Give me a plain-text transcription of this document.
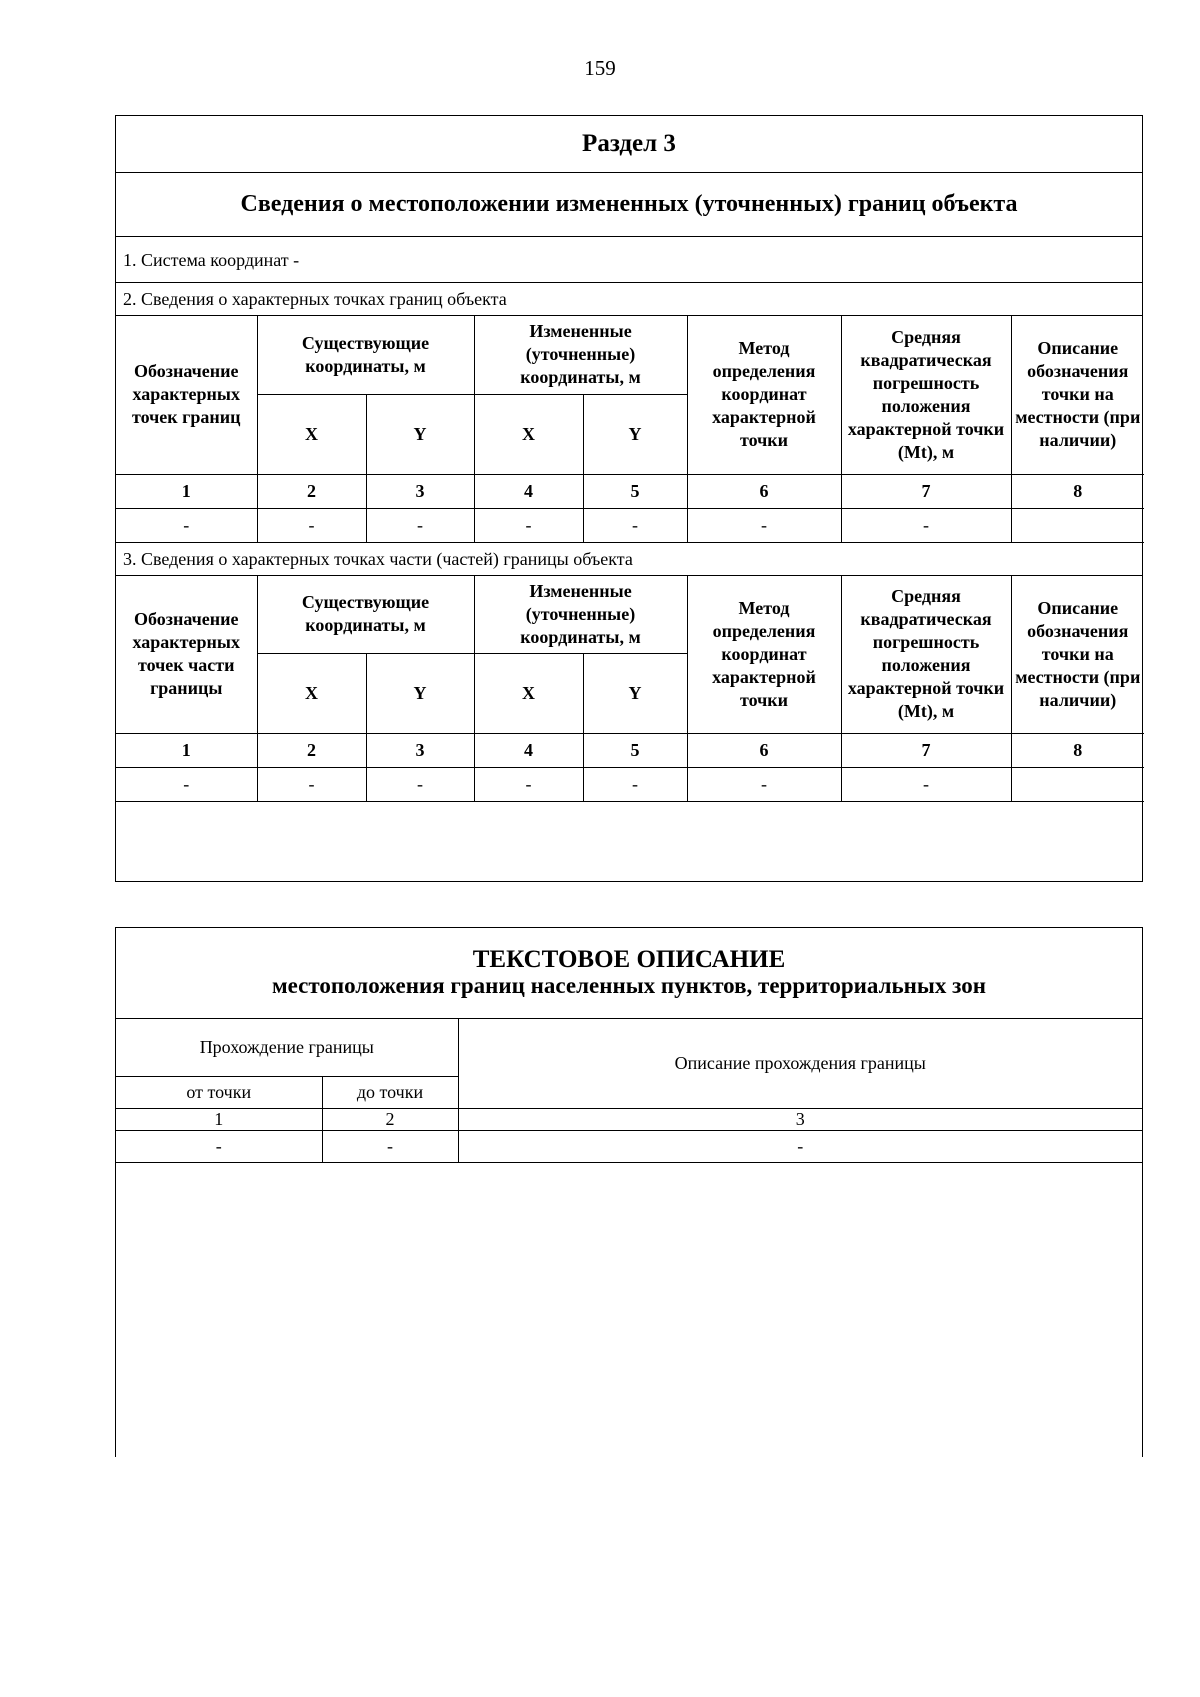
159
Раздел 3
Сведения о местоположении измененных (уточненных) границ объекта
1. Система координат -
2. Сведения о характерных точках границ объекта
Обозначение характерных точек границ	Существующие координаты, м		Измененные (уточненные) координаты, м		Метод определения координат характерной точки	Средняя квадратическая погрешность положения характерной точки (Mt), м	Описание обозначения точки на местности (при наличии)
	X	Y	X	Y			
1	2	3	4	5	6	7	8
-	-	-	-	-	-	-	
3. Сведения о характерных точках части (частей) границы объекта
Обозначение характерных точек части границы	Существующие координаты, м		Измененные (уточненные) координаты, м		Метод определения координат характерной точки	Средняя квадратическая погрешность положения характерной точки (Mt), м	Описание обозначения точки на местности (при наличии)
	X	Y	X	Y			
1	2	3	4	5	6	7	8
-	-	-	-	-	-	-	
ТЕКСТОВОЕ ОПИСАНИЕ
местоположения границ населенных пунктов, территориальных зон
Прохождение границы		Описание прохождения границы
от точки	до точки	
1	2	3
-	-	-
